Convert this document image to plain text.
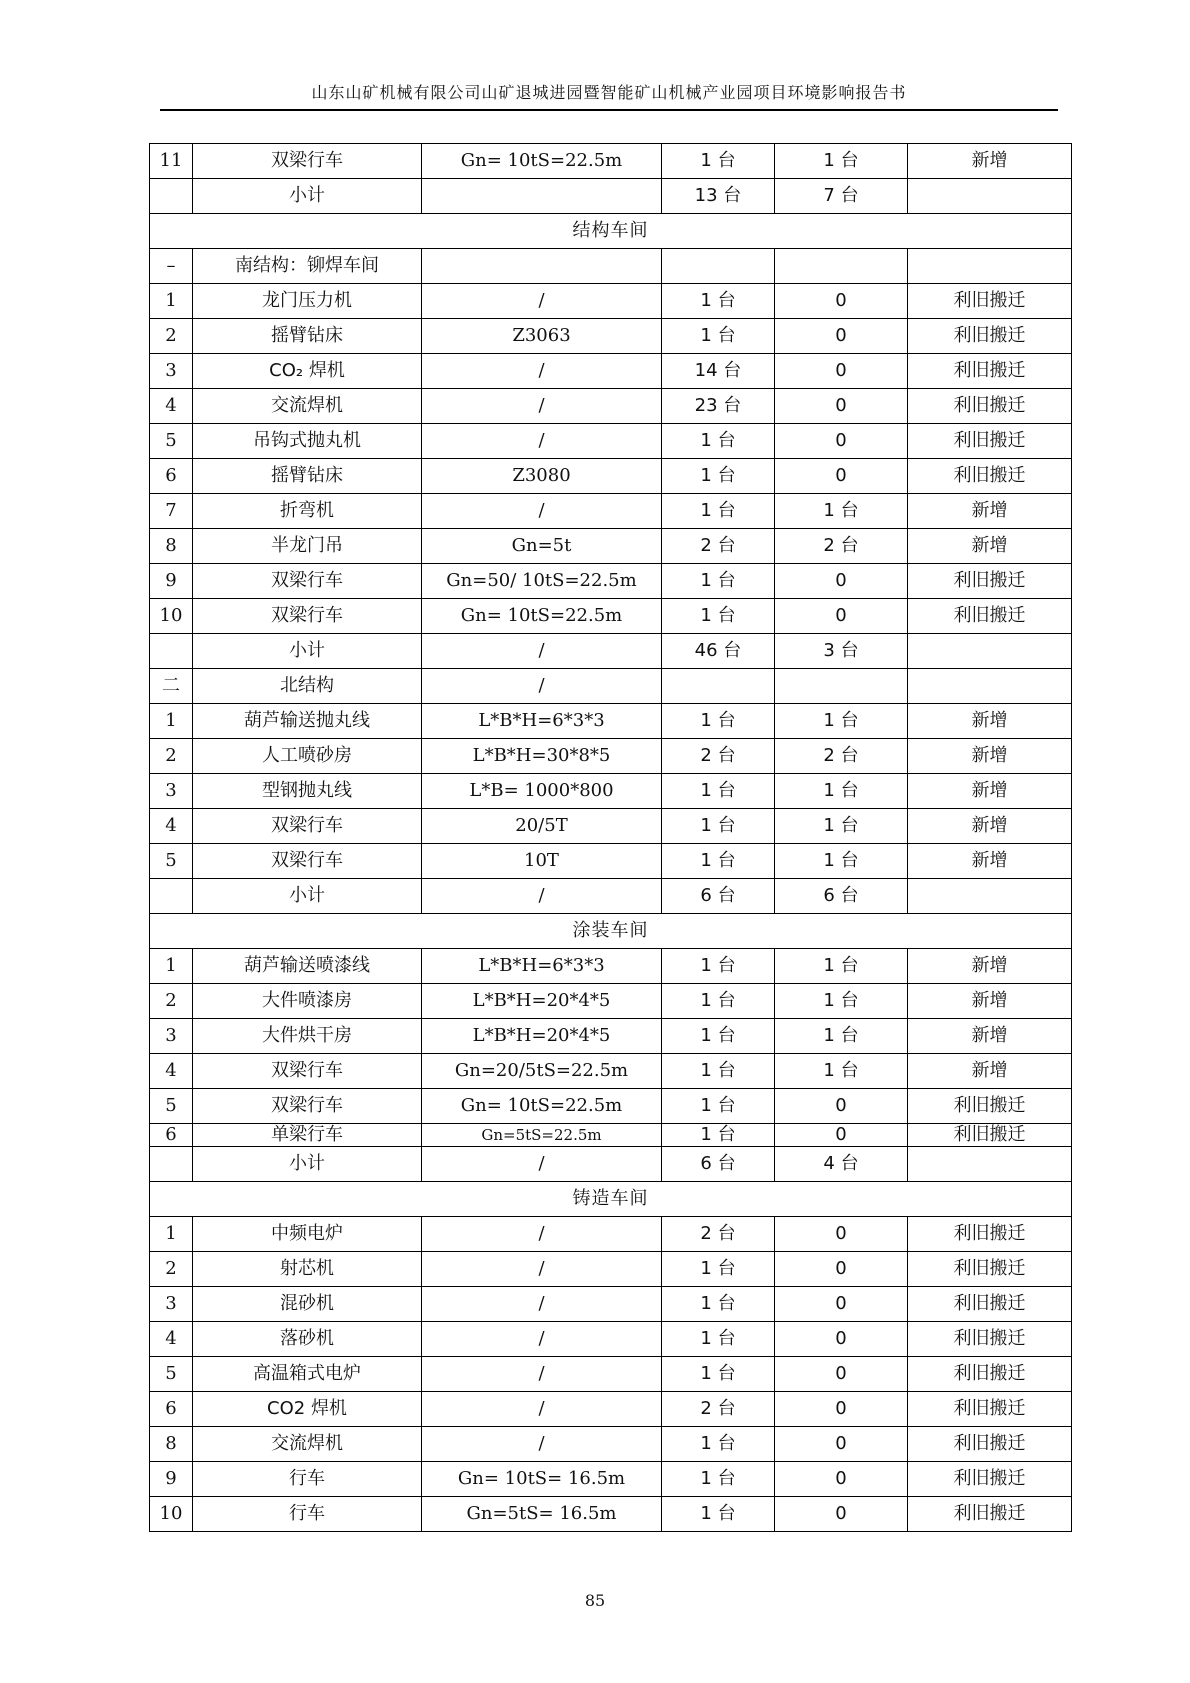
山东山矿机械有限公司山矿退城进园暨智能矿山机械产业园项目环境影响报告书
11	双梁行车	Gn= 10tS=22.5m	1 台	1 台	新增
	小计		13 台	7 台	
结构车间					
–	南结构：铆焊车间				
1	龙门压力机	/	1 台	0	利旧搬迁
2	摇臂钻床	Z3063	1 台	0	利旧搬迁
3	CO₂ 焊机	/	14 台	0	利旧搬迁
4	交流焊机	/	23 台	0	利旧搬迁
5	吊钩式抛丸机	/	1 台	0	利旧搬迁
6	摇臂钻床	Z3080	1 台	0	利旧搬迁
7	折弯机	/	1 台	1 台	新增
8	半龙门吊	Gn=5t	2 台	2 台	新增
9	双梁行车	Gn=50/ 10tS=22.5m	1 台	0	利旧搬迁
10	双梁行车	Gn= 10tS=22.5m	1 台	0	利旧搬迁
	小计	/	46 台	3 台	
二	北结构	/			
1	葫芦输送抛丸线	L*B*H=6*3*3	1 台	1 台	新增
2	人工喷砂房	L*B*H=30*8*5	2 台	2 台	新增
3	型钢抛丸线	L*B= 1000*800	1 台	1 台	新增
4	双梁行车	20/5T	1 台	1 台	新增
5	双梁行车	10T	1 台	1 台	新增
	小计	/	6 台	6 台	
涂装车间					
1	葫芦输送喷漆线	L*B*H=6*3*3	1 台	1 台	新增
2	大件喷漆房	L*B*H=20*4*5	1 台	1 台	新增
3	大件烘干房	L*B*H=20*4*5	1 台	1 台	新增
4	双梁行车	Gn=20/5tS=22.5m	1 台	1 台	新增
5	双梁行车	Gn= 10tS=22.5m	1 台	0	利旧搬迁
6	单梁行车	Gn=5tS=22.5m	1 台	0	利旧搬迁
	小计	/	6 台	4 台	
铸造车间					
1	中频电炉	/	2 台	0	利旧搬迁
2	射芯机	/	1 台	0	利旧搬迁
3	混砂机	/	1 台	0	利旧搬迁
4	落砂机	/	1 台	0	利旧搬迁
5	高温箱式电炉	/	1 台	0	利旧搬迁
6	CO2 焊机	/	2 台	0	利旧搬迁
8	交流焊机	/	1 台	0	利旧搬迁
9	行车	Gn= 10tS= 16.5m	1 台	0	利旧搬迁
10	行车	Gn=5tS= 16.5m	1 台	0	利旧搬迁
85
